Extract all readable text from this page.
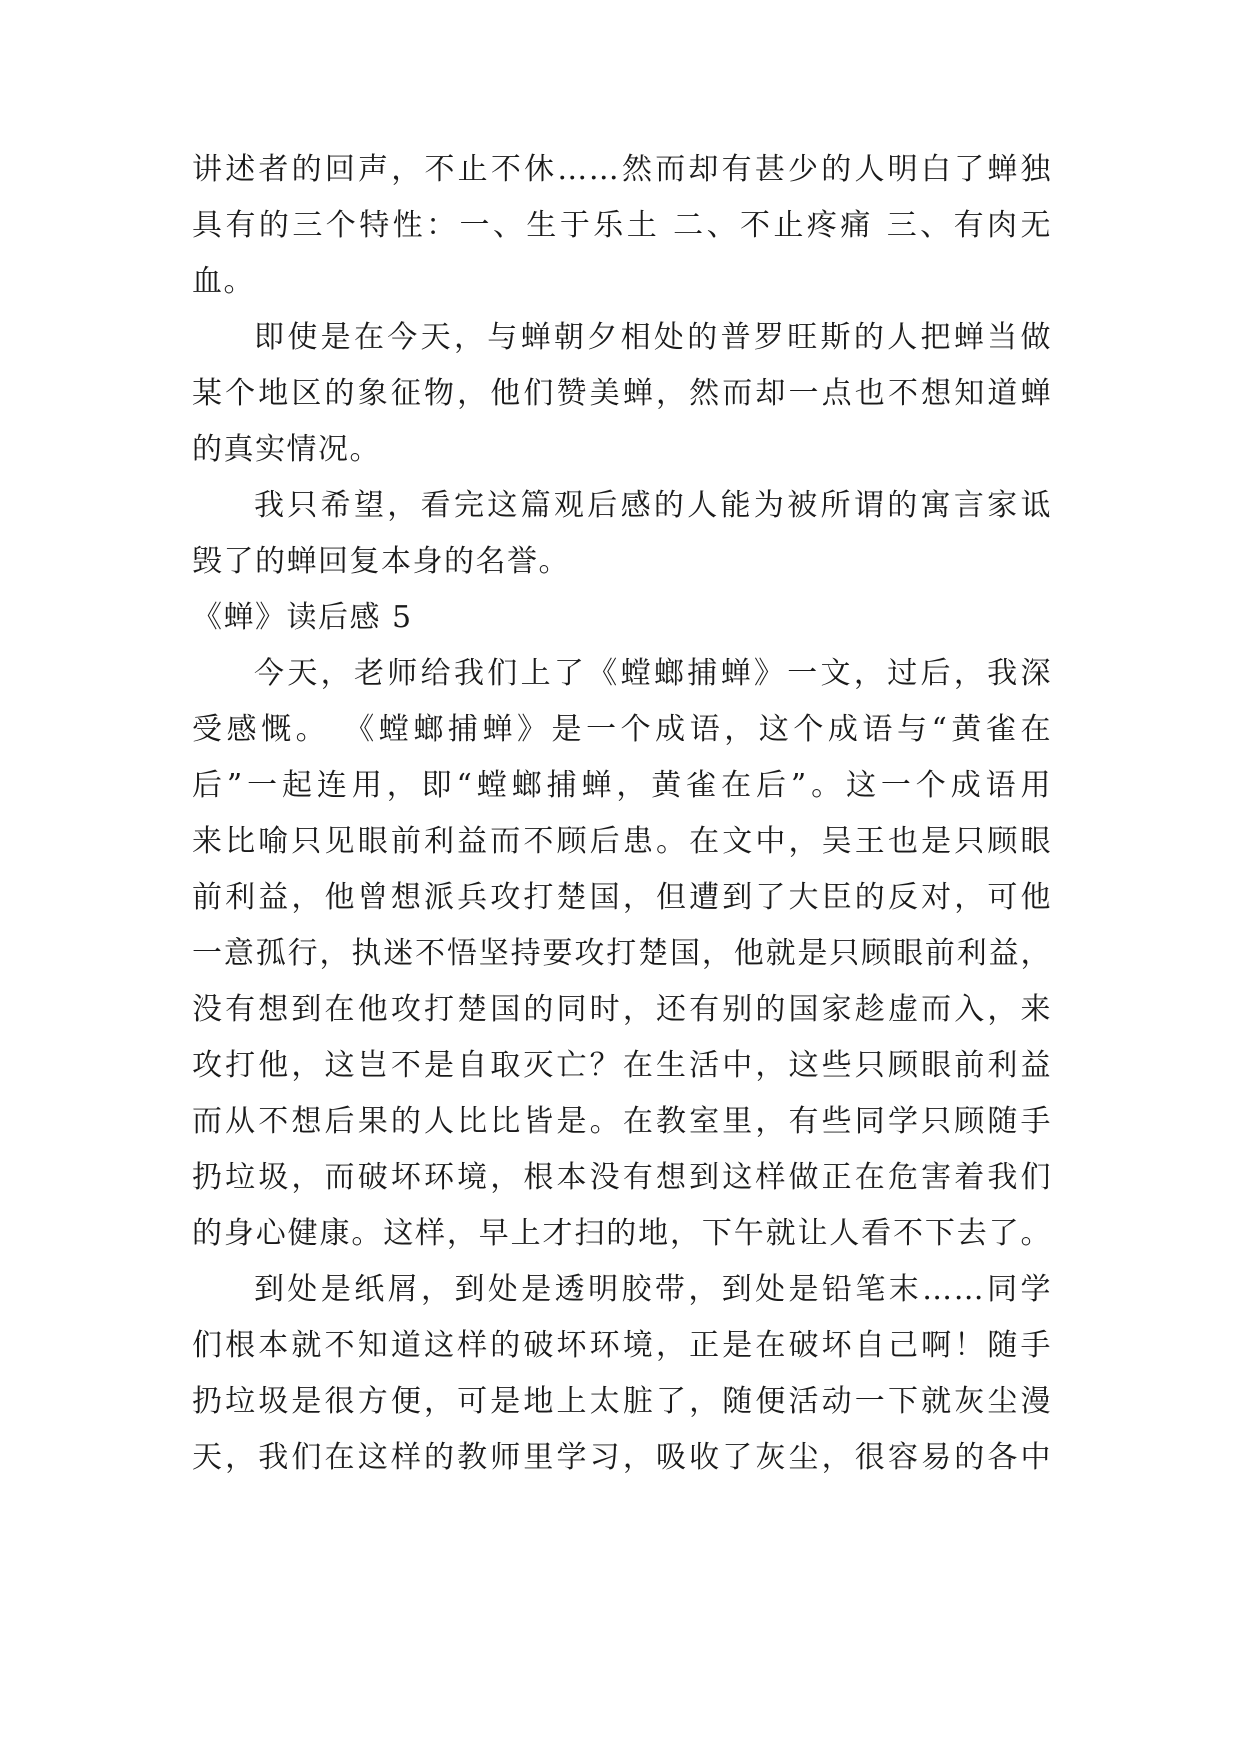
讲述者的回声，不止不休……然而却有甚少的人明白了蝉独
具有的三个特性：一、生于乐土 二、不止疼痛 三、有肉无
血。
即使是在今天，与蝉朝夕相处的普罗旺斯的人把蝉当做
某个地区的象征物，他们赞美蝉，然而却一点也不想知道蝉
的真实情况。
我只希望，看完这篇观后感的人能为被所谓的寓言家诋
毁了的蝉回复本身的名誉。
《蝉》读后感 5
今天，老师给我们上了《螳螂捕蝉》一文，过后，我深
受感慨。 《螳螂捕蝉》是一个成语，这个成语与“黄雀在
后”一起连用，即“螳螂捕蝉，黄雀在后”。这一个成语用
来比喻只见眼前利益而不顾后患。在文中，吴王也是只顾眼
前利益，他曾想派兵攻打楚国，但遭到了大臣的反对，可他
一意孤行，执迷不悟坚持要攻打楚国，他就是只顾眼前利益，
没有想到在他攻打楚国的同时，还有别的国家趁虚而入，来
攻打他，这岂不是自取灭亡？在生活中，这些只顾眼前利益
而从不想后果的人比比皆是。在教室里，有些同学只顾随手
扔垃圾，而破坏环境，根本没有想到这样做正在危害着我们
的身心健康。这样，早上才扫的地，下午就让人看不下去了。
到处是纸屑，到处是透明胶带，到处是铅笔末……同学
们根本就不知道这样的破坏环境，正是在破坏自己啊！随手
扔垃圾是很方便，可是地上太脏了，随便活动一下就灰尘漫
天，我们在这样的教师里学习，吸收了灰尘，很容易的各中
